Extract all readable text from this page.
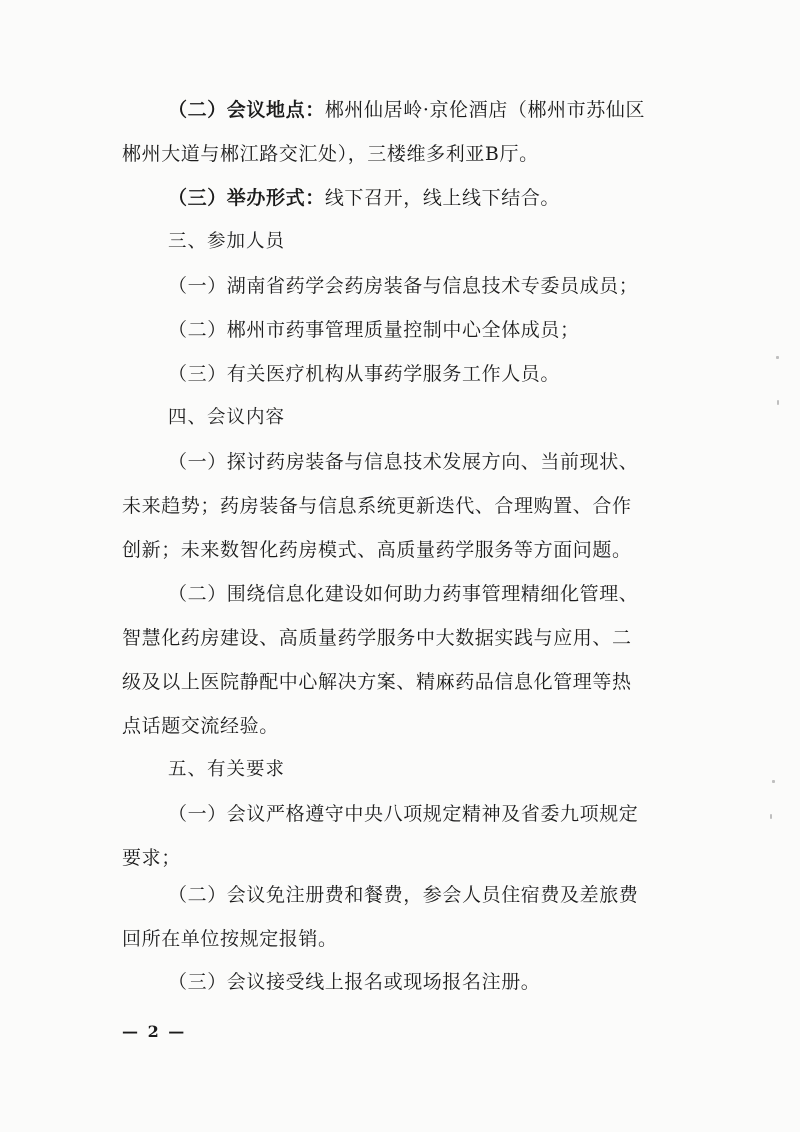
（二）会议地点：郴州仙居岭·京伦酒店（郴州市苏仙区
郴州大道与郴江路交汇处），三楼维多利亚B厅。
（三）举办形式：线下召开，线上线下结合。
三、参加人员
（一）湖南省药学会药房装备与信息技术专委员成员；
（二）郴州市药事管理质量控制中心全体成员；
（三）有关医疗机构从事药学服务工作人员。
四、会议内容
（一）探讨药房装备与信息技术发展方向、当前现状、
未来趋势；药房装备与信息系统更新迭代、合理购置、合作
创新；未来数智化药房模式、高质量药学服务等方面问题。
（二）围绕信息化建设如何助力药事管理精细化管理、
智慧化药房建设、高质量药学服务中大数据实践与应用、二
级及以上医院静配中心解决方案、精麻药品信息化管理等热
点话题交流经验。
五、有关要求
（一）会议严格遵守中央八项规定精神及省委九项规定
要求；
（二）会议免注册费和餐费，参会人员住宿费及差旅费
回所在单位按规定报销。
— 2 —
（三）会议接受线上报名或现场报名注册。
